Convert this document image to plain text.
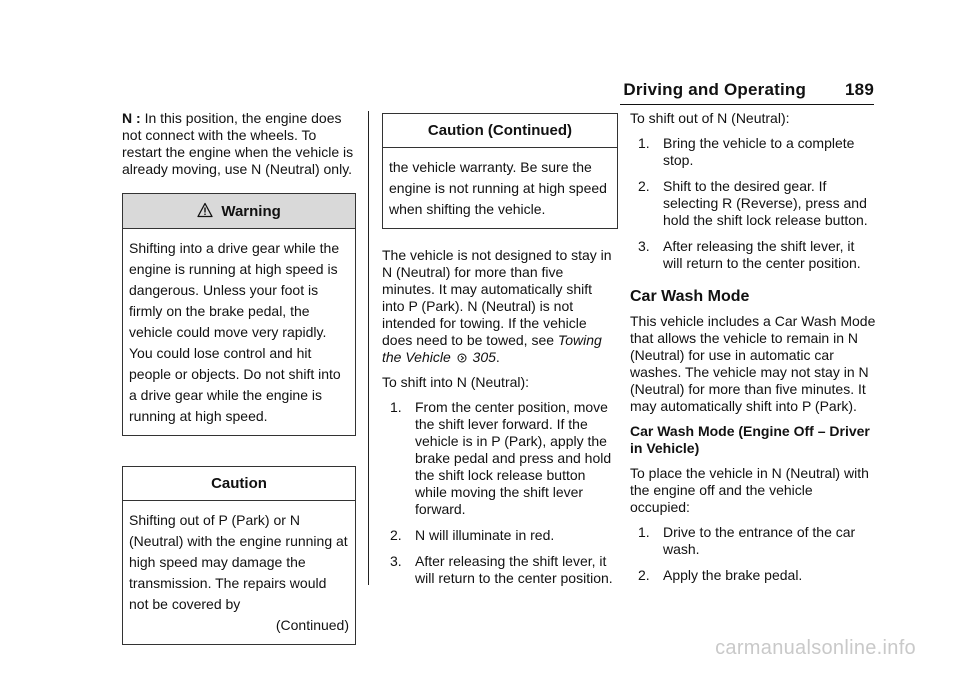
Driving and Operating 189

N : In this position, the engine does not connect with the wheels. To restart the engine when the vehicle is already moving, use N (Neutral) only.

Warning
Shifting into a drive gear while the engine is running at high speed is dangerous. Unless your foot is firmly on the brake pedal, the vehicle could move very rapidly. You could lose control and hit people or objects. Do not shift into a drive gear while the engine is running at high speed.
Caution
Shifting out of P (Park) or N (Neutral) with the engine running at high speed may damage the transmission. The repairs would not be covered by
(Continued)
Caution (Continued)
the vehicle warranty. Be sure the engine is not running at high speed when shifting the vehicle.

The vehicle is not designed to stay in N (Neutral) for more than five minutes. It may automatically shift into P (Park). N (Neutral) is not intended for towing. If the vehicle does need to be towed, see Towing the Vehicle 305.

To shift into N (Neutral):

1. From the center position, move the shift lever forward. If the vehicle is in P (Park), apply the brake pedal and press and hold the shift lock release button while moving the shift lever forward.
2. N will illuminate in red.
3. After releasing the shift lever, it will return to the center position.

To shift out of N (Neutral):

1. Bring the vehicle to a complete stop.
2. Shift to the desired gear. If selecting R (Reverse), press and hold the shift lock release button.
3. After releasing the shift lever, it will return to the center position.
Car Wash Mode

This vehicle includes a Car Wash Mode that allows the vehicle to remain in N (Neutral) for use in automatic car washes. The vehicle may not stay in N (Neutral) for more than five minutes. It may automatically shift into P (Park).

Car Wash Mode (Engine Off – Driver in Vehicle)

To place the vehicle in N (Neutral) with the engine off and the vehicle occupied:

1. Drive to the entrance of the car wash.
2. Apply the brake pedal.
carmanualsonline.info
